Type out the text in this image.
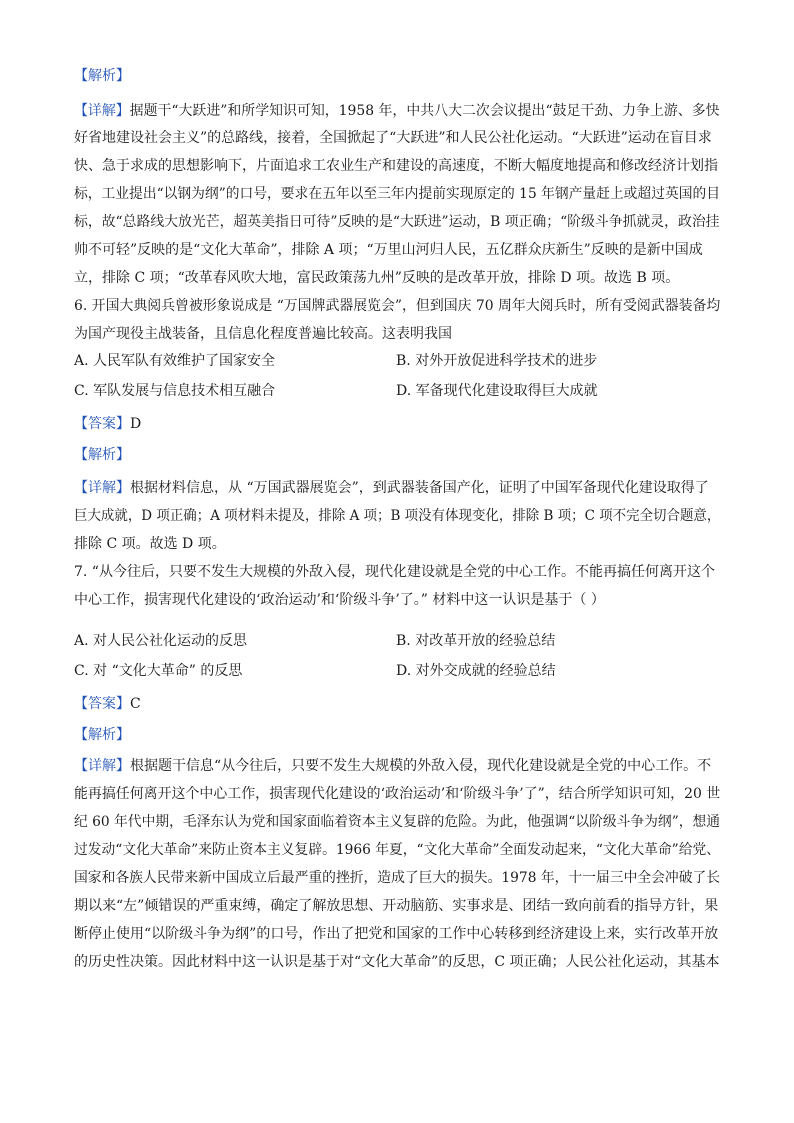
【解析】
【详解】据题干“大跃进”和所学知识可知，1958 年，中共八大二次会议提出“鼓足干劲、力争上游、多快
好省地建设社会主义”的总路线，接着，全国掀起了“大跃进”和人民公社化运动。“大跃进”运动在盲目求
快、急于求成的思想影响下，片面追求工农业生产和建设的高速度，不断大幅度地提高和修改经济计划指
标，工业提出“以钢为纲”的口号，要求在五年以至三年内提前实现原定的 15 年钢产量赶上或超过英国的目
标，故“总路线大放光芒，超英美指日可待”反映的是“大跃进”运动，B 项正确；“阶级斗争抓就灵，政治挂
帅不可轻”反映的是“文化大革命”，排除 A 项；“万里山河归人民，五亿群众庆新生”反映的是新中国成
立，排除 C 项；“改革春风吹大地，富民政策荡九州”反映的是改革开放，排除 D 项。故选 B 项。
6. 开国大典阅兵曾被形象说成是 “万国牌武器展览会”，但到国庆 70 周年大阅兵时，所有受阅武器装备均
为国产现役主战装备，且信息化程度普遍比较高。这表明我国
A. 人民军队有效维护了国家安全	B. 对外开放促进科学技术的进步
C. 军队发展与信息技术相互融合	D. 军备现代化建设取得巨大成就
【答案】D
【解析】
【详解】根据材料信息，从 “万国武器展览会”，到武器装备国产化，证明了中国军备现代化建设取得了
巨大成就，D 项正确；A 项材料未提及，排除 A 项；B 项没有体现变化，排除 B 项；C 项不完全切合题意，
排除 C 项。故选 D 项。
7. “从今往后，只要不发生大规模的外敌入侵，现代化建设就是全党的中心工作。不能再搞任何离开这个
中心工作，损害现代化建设的‘政治运动’和‘阶级斗争’了。” 材料中这一认识是基于（ ）
A. 对人民公社化运动的反思	B. 对改革开放的经验总结
C. 对 “文化大革命” 的反思	D. 对外交成就的经验总结
【答案】C
【解析】
【详解】根据题干信息“从今往后，只要不发生大规模的外敌入侵，现代化建设就是全党的中心工作。不
能再搞任何离开这个中心工作，损害现代化建设的‘政治运动’和‘阶级斗争’了”，结合所学知识可知，20 世
纪 60 年代中期，毛泽东认为党和国家面临着资本主义复辟的危险。为此，他强调“以阶级斗争为纲”，想通
过发动“文化大革命”来防止资本主义复辟。1966 年夏，“文化大革命”全面发动起来，“文化大革命”给党、
国家和各族人民带来新中国成立后最严重的挫折，造成了巨大的损失。1978 年，十一届三中全会冲破了长
期以来“左”倾错误的严重束缚，确定了解放思想、开动脑筋、实事求是、团结一致向前看的指导方针，果
断停止使用“以阶级斗争为纲”的口号，作出了把党和国家的工作中心转移到经济建设上来，实行改革开放
的历史性决策。因此材料中这一认识是基于对“文化大革命”的反思，C 项正确；人民公社化运动，其基本
